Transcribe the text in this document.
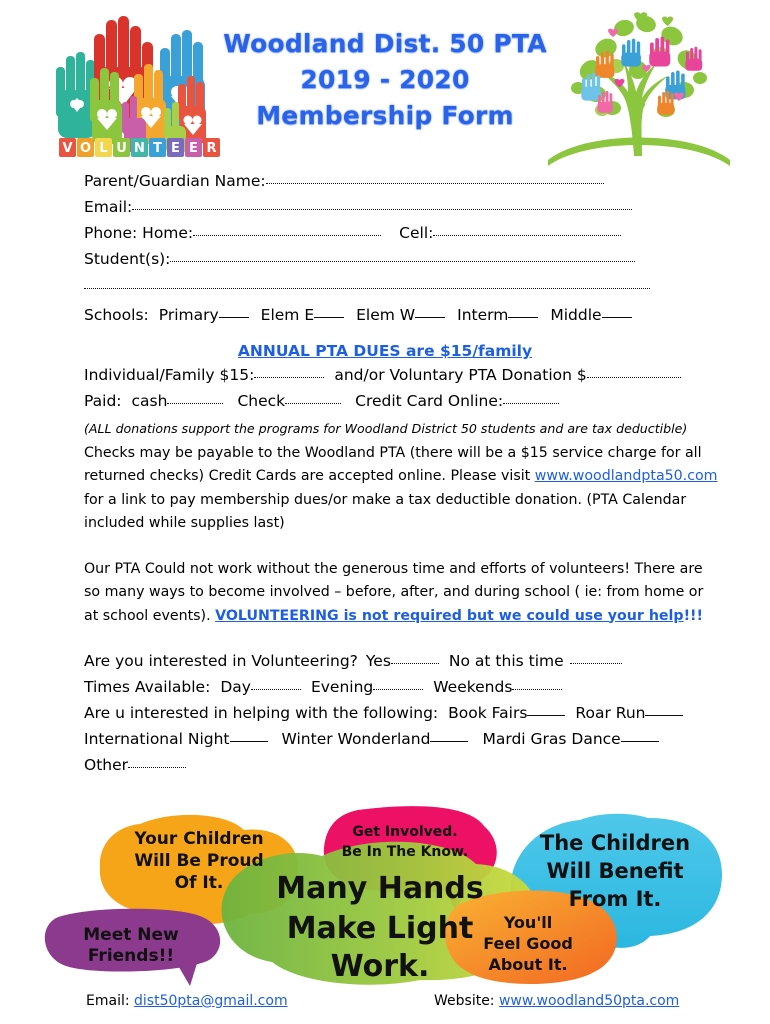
V O L U N T E E R
Woodland Dist. 50 PTA
2019 - 2020
Membership Form
Parent/Guardian Name:
Email:
Phone: Home:	Cell:
Student(s):
Schools: Primary	Elem E	Elem W	Interm	Middle
ANNUAL PTA DUES are $15/family
Individual/Family $15:	and/or Voluntary PTA Donation $
Paid: cash	Check	Credit Card Online:
(ALL donations support the programs for Woodland District 50 students and are tax deductible)
Checks may be payable to the Woodland PTA (there will be a $15 service charge for all returned checks) Credit Cards are accepted online. Please visit www.woodlandpta50.com for a link to pay membership dues/or make a tax deductible donation. (PTA Calendar included while supplies last)
Our PTA Could not work without the generous time and efforts of volunteers! There are so many ways to become involved – before, after, and during school ( ie: from home or at school events). VOLUNTEERING is not required but we could use your help!!!
Are you interested in Volunteering? Yes	No at this time
Times Available: Day	Evening	Weekends
Are u interested in helping with the following: Book Fairs	Roar Run
International Night	Winter Wonderland	Mardi Gras Dance
Other
Your Children
Will Be Proud
Of It.
Get Involved.
Be In The Know.	The Children
Will Benefit
From It.
Many Hands
Make Light
Work.
Meet New
Friends!!
You'll
Feel Good
About It.
Email: dist50pta@gmail.com	Website: www.woodland50pta.com
